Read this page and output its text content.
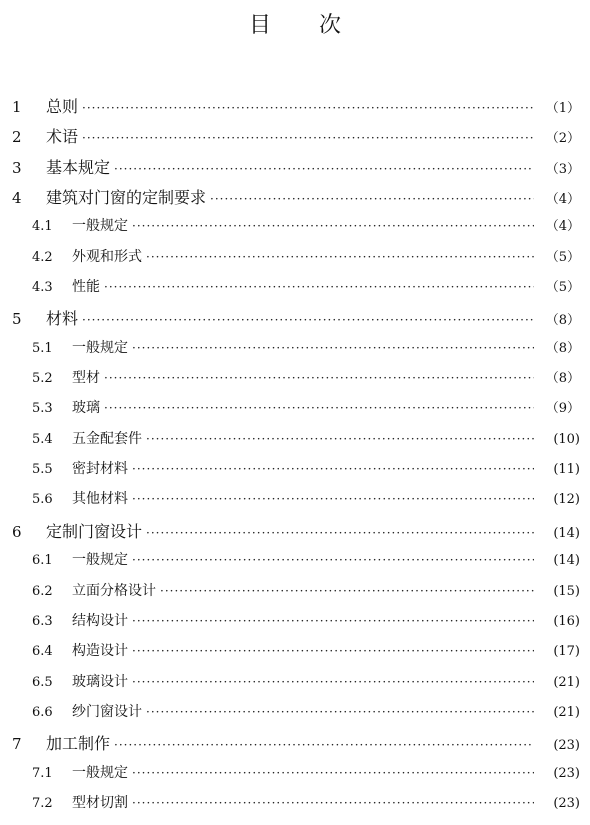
目 次
1	总则 ·····	（1）
2	术语 ·····	（2）
3	基本规定 ·····	（3）
4	建筑对门窗的定制要求 ·····	（4）
4.1	一般规定 ·····	（4）
4.2	外观和形式 ·····	（5）
4.3	性能 ·····	（5）
5	材料 ·····	（8）
5.1	一般规定 ·····	（8）
5.2	型材 ·····	（8）
5.3	玻璃 ·····	（9）
5.4	五金配套件 ·····	(10)
5.5	密封材料 ·····	(11)
5.6	其他材料 ·····	(12)
6	定制门窗设计 ·····	(14)
6.1	一般规定 ·····	(14)
6.2	立面分格设计 ·····	(15)
6.3	结构设计 ·····	(16)
6.4	构造设计 ·····	(17)
6.5	玻璃设计 ·····	(21)
6.6	纱门窗设计 ·····	(21)
7	加工制作 ·····	(23)
7.1	一般规定 ·····	(23)
7.2	型材切割 ·····	(23)
